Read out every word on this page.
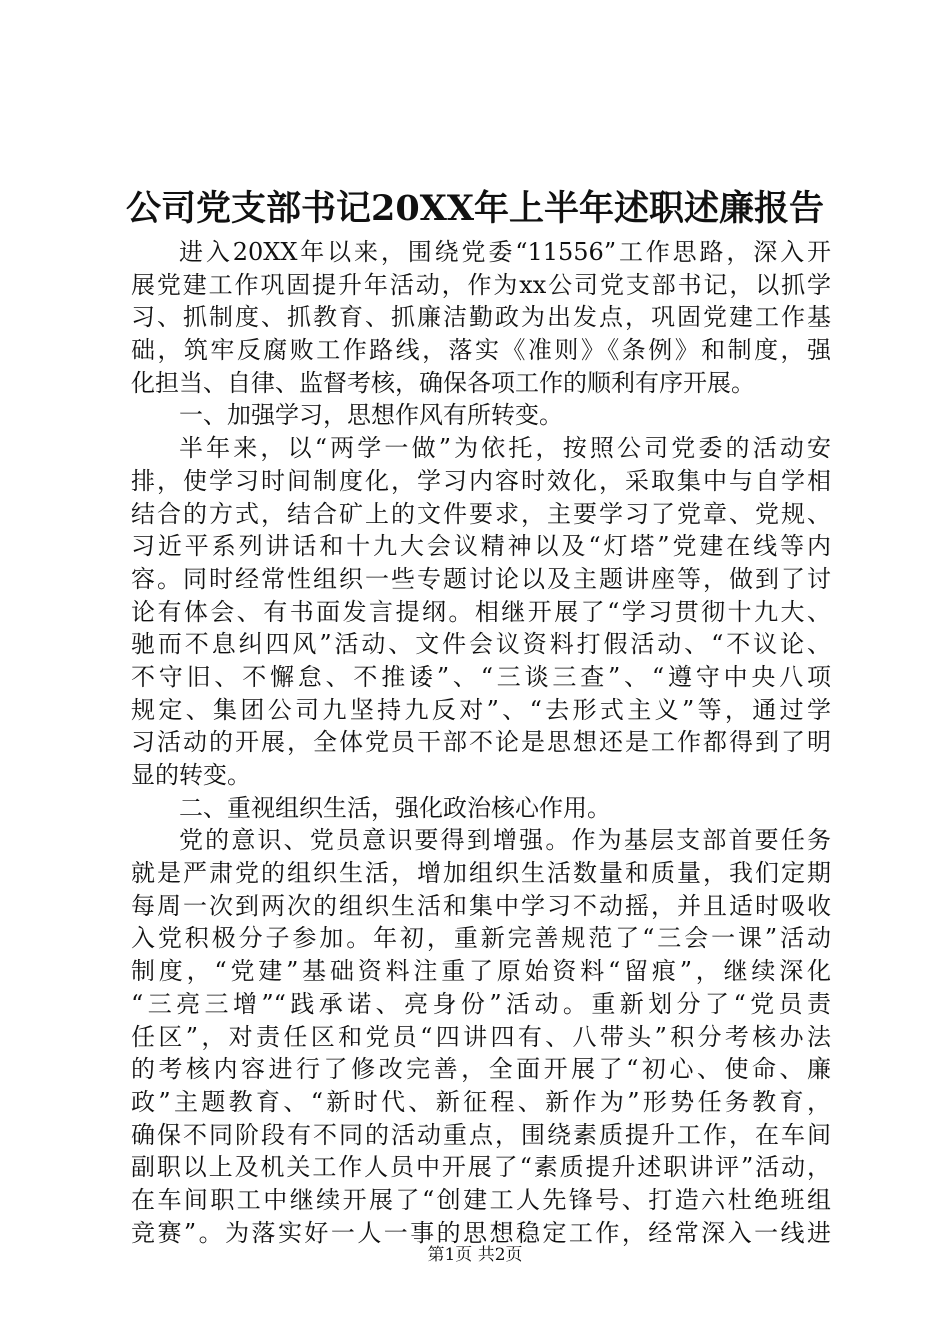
公司党支部书记20XX年上半年述职述廉报告
进入20XX年以来，围绕党委“11556”工作思路，深入开
展党建工作巩固提升年活动，作为xx公司党支部书记，以抓学
习、抓制度、抓教育、抓廉洁勤政为出发点，巩固党建工作基
础，筑牢反腐败工作路线，落实《准则》《条例》和制度，强
化担当、自律、监督考核，确保各项工作的顺利有序开展。
一、加强学习，思想作风有所转变。
半年来，以“两学一做”为依托，按照公司党委的活动安
排，使学习时间制度化，学习内容时效化，采取集中与自学相
结合的方式，结合矿上的文件要求，主要学习了党章、党规、
习近平系列讲话和十九大会议精神以及“灯塔”党建在线等内
容。同时经常性组织一些专题讨论以及主题讲座等，做到了讨
论有体会、有书面发言提纲。相继开展了“学习贯彻十九大、
驰而不息纠四风”活动、文件会议资料打假活动、“不议论、
不守旧、不懈怠、不推诿”、“三谈三查”、“遵守中央八项
规定、集团公司九坚持九反对”、“去形式主义”等，通过学
习活动的开展，全体党员干部不论是思想还是工作都得到了明
显的转变。
二、重视组织生活，强化政治核心作用。
党的意识、党员意识要得到增强。作为基层支部首要任务
就是严肃党的组织生活，增加组织生活数量和质量，我们定期
每周一次到两次的组织生活和集中学习不动摇，并且适时吸收
入党积极分子参加。年初，重新完善规范了“三会一课”活动
制度，“党建”基础资料注重了原始资料“留痕”，继续深化
“三亮三增”“践承诺、亮身份”活动。重新划分了“党员责
任区”，对责任区和党员“四讲四有、八带头”积分考核办法
的考核内容进行了修改完善，全面开展了“初心、使命、廉
政”主题教育、“新时代、新征程、新作为”形势任务教育，
确保不同阶段有不同的活动重点，围绕素质提升工作，在车间
副职以上及机关工作人员中开展了“素质提升述职讲评”活动，
在车间职工中继续开展了“创建工人先锋号、打造六杜绝班组
竞赛”。为落实好一人一事的思想稳定工作，经常深入一线进
第1页 共2页
